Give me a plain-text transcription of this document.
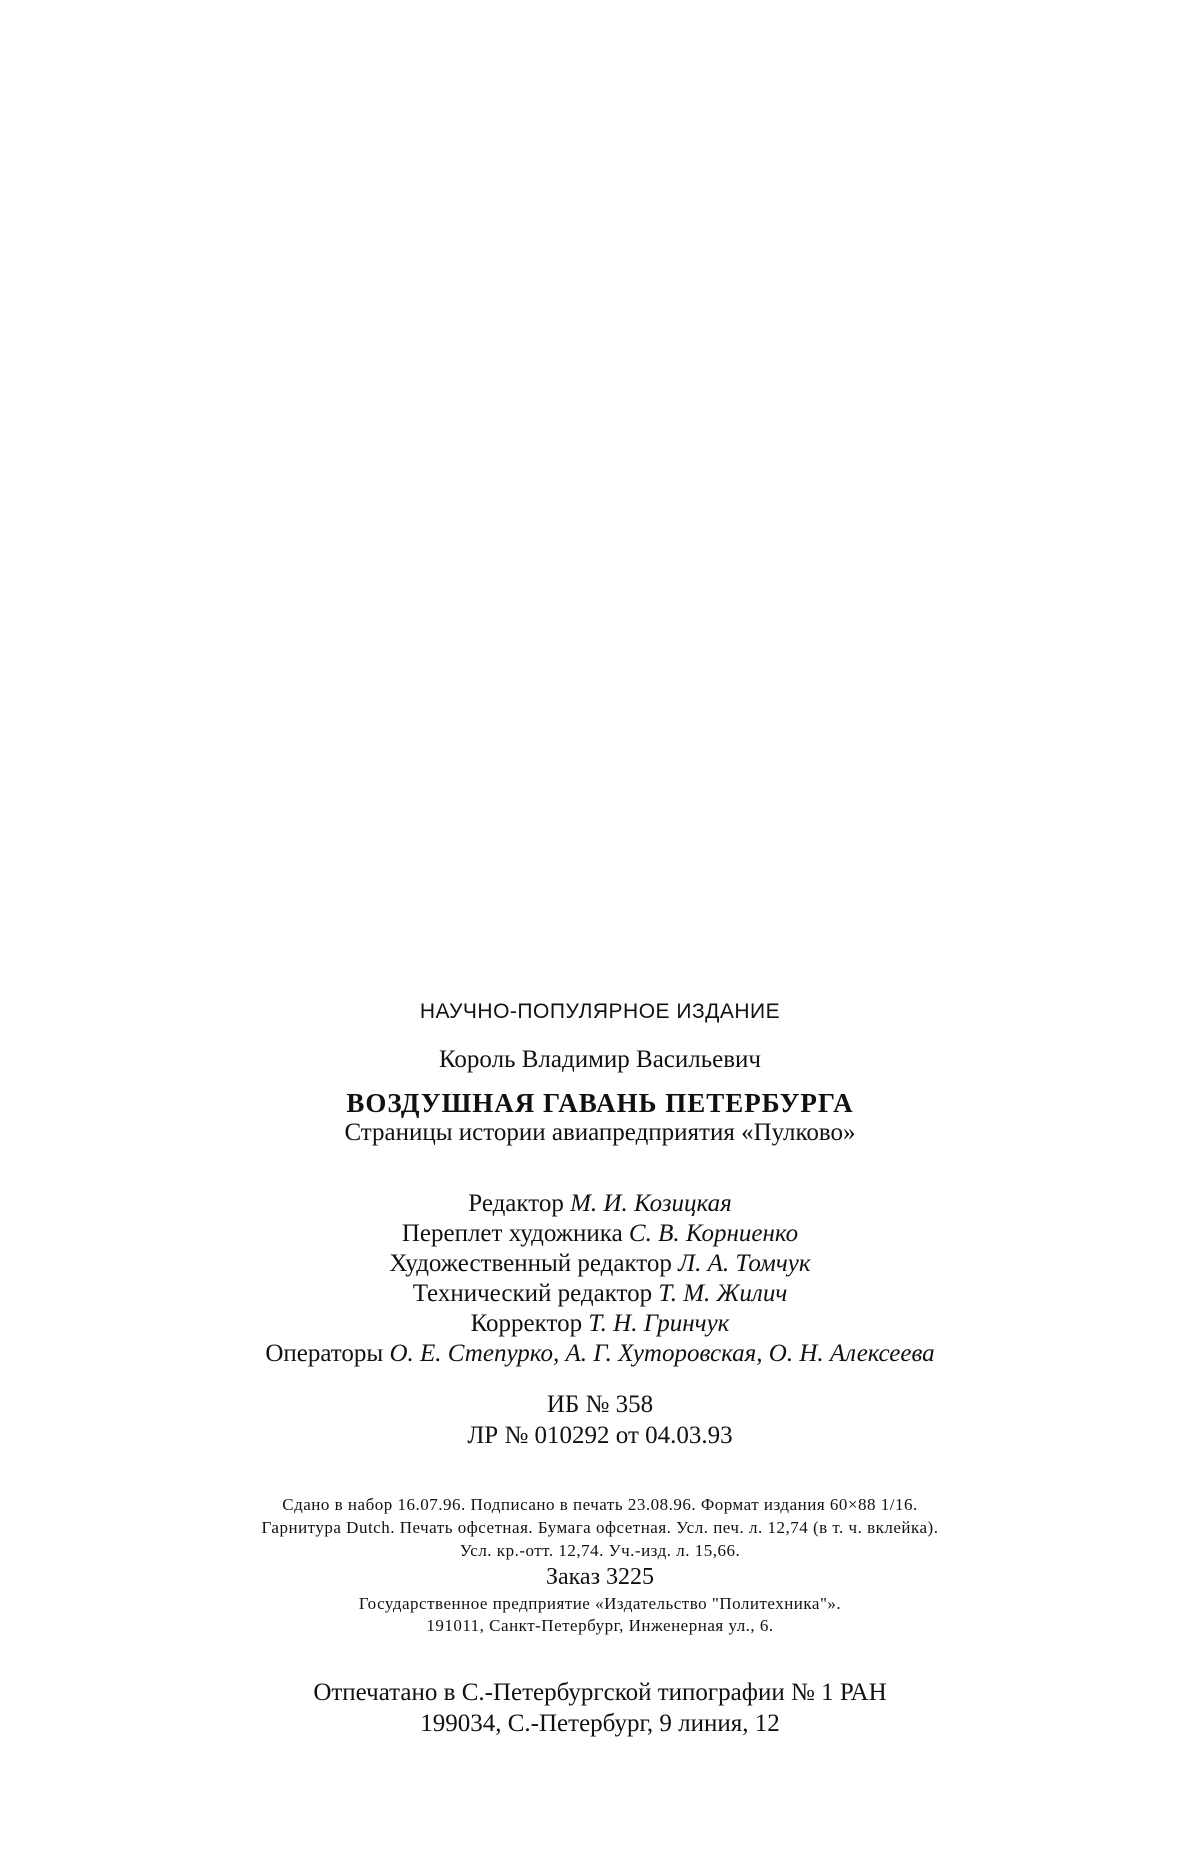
НАУЧНО-ПОПУЛЯРНОЕ ИЗДАНИЕ
Король Владимир Васильевич
ВОЗДУШНАЯ ГАВАНЬ ПЕТЕРБУРГА
Страницы истории авиапредприятия «Пулково»
Редактор М. И. Козицкая
Переплет художника С. В. Корниенко
Художественный редактор Л. А. Томчук
Технический редактор Т. М. Жилич
Корректор Т. Н. Гринчук
Операторы О. Е. Степурко, А. Г. Хуторовская, О. Н. Алексеева
ИБ № 358
ЛР № 010292 от 04.03.93
Сдано в набор 16.07.96. Подписано в печать 23.08.96. Формат издания 60×88 1/16.
Гарнитура Dutch. Печать офсетная. Бумага офсетная. Усл. печ. л. 12,74 (в т. ч. вклейка).
Усл. кр.-отт. 12,74. Уч.-изд. л. 15,66.
Заказ 3225
Государственное предприятие «Издательство "Политехника"».
191011, Санкт-Петербург, Инженерная ул., 6.
Отпечатано в С.-Петербургской типографии № 1 РАН
199034, С.-Петербург, 9 линия, 12
